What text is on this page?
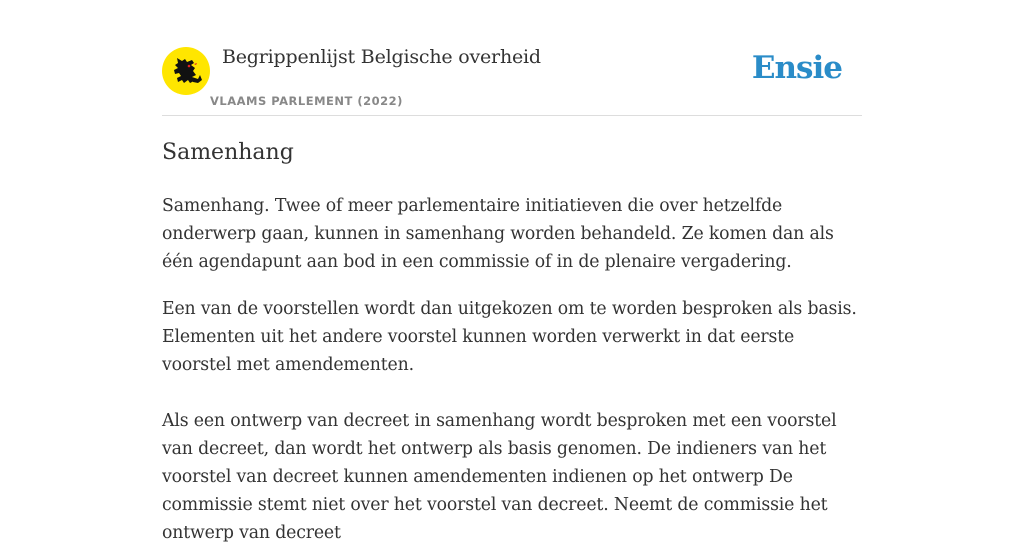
Begrippenlijst Belgische overheid
VLAAMS PARLEMENT (2022)
Ensie
Samenhang

Samenhang. Twee of meer parlementaire initiatieven die over hetzelfde onderwerp gaan, kunnen in samenhang worden behandeld. Ze komen dan als één agendapunt aan bod in een commissie of in de plenaire vergadering.

Een van de voorstellen wordt dan uitgekozen om te worden besproken als basis. Elementen uit het andere voorstel kunnen worden verwerkt in dat eerste voorstel met amendementen.

Als een ontwerp van decreet in samenhang wordt besproken met een voorstel van decreet, dan wordt het ontwerp als basis genomen. De indieners van het voorstel van decreet kunnen amendementen indienen op het ontwerp De commissie stemt niet over het voorstel van decreet. Neemt de commissie het ontwerp van decreet
